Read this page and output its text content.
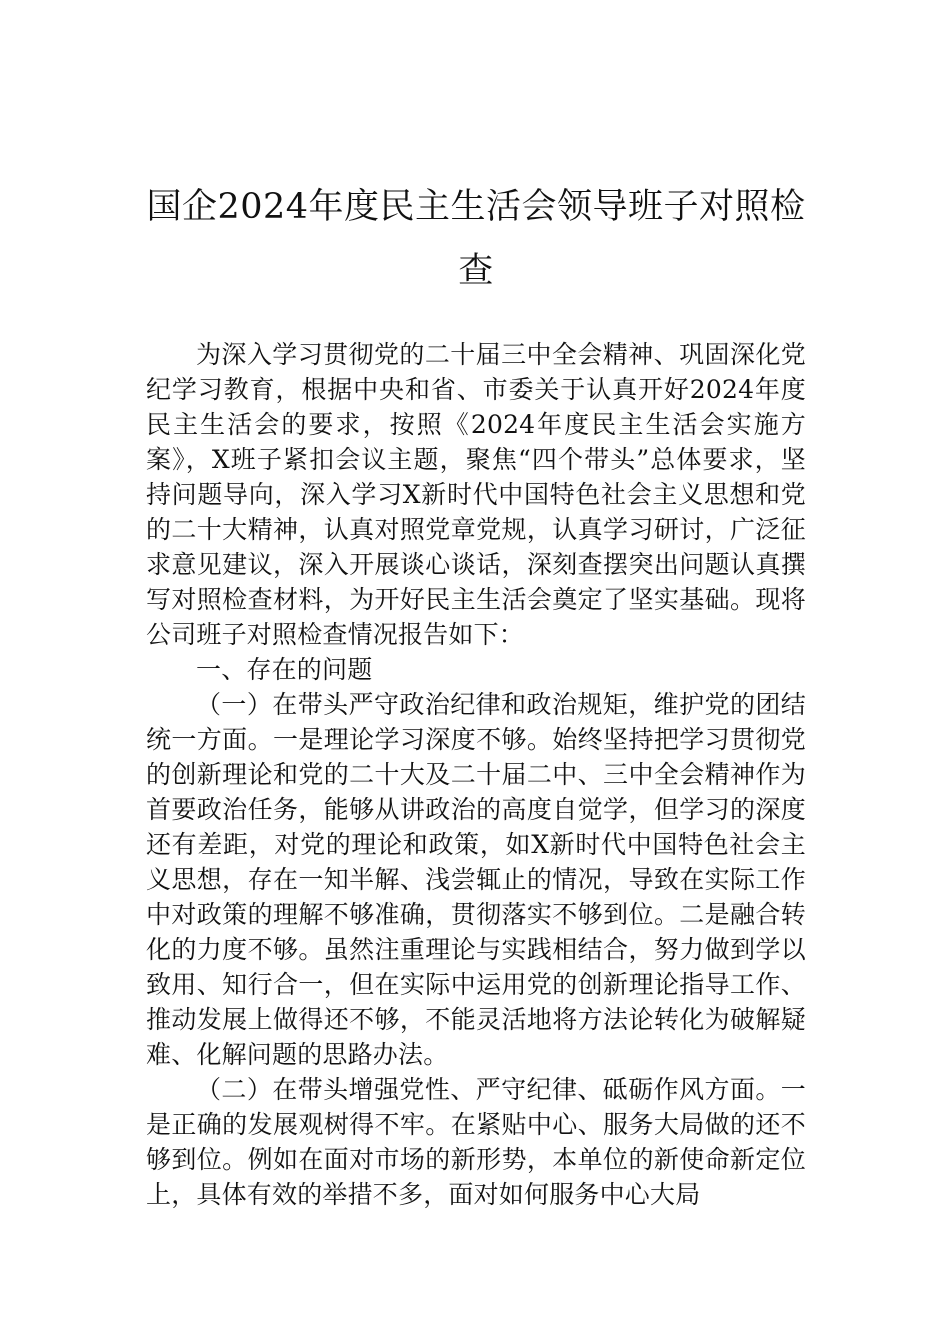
国企2024年度民主生活会领导班子对照检查

为深入学习贯彻党的二十届三中全会精神、巩固深化党纪学习教育，根据中央和省、市委关于认真开好2024年度民主生活会的要求，按照《2024年度民主生活会实施方案》，X班子紧扣会议主题，聚焦“四个带头”总体要求，坚持问题导向，深入学习X新时代中国特色社会主义思想和党的二十大精神，认真对照党章党规，认真学习研讨，广泛征求意见建议，深入开展谈心谈话，深刻查摆突出问题认真撰写对照检查材料，为开好民主生活会奠定了坚实基础。现将公司班子对照检查情况报告如下：

一、存在的问题

（一）在带头严守政治纪律和政治规矩，维护党的团结统一方面。一是理论学习深度不够。始终坚持把学习贯彻党的创新理论和党的二十大及二十届二中、三中全会精神作为首要政治任务，能够从讲政治的高度自觉学，但学习的深度还有差距，对党的理论和政策，如X新时代中国特色社会主义思想，存在一知半解、浅尝辄止的情况，导致在实际工作中对政策的理解不够准确，贯彻落实不够到位。二是融合转化的力度不够。虽然注重理论与实践相结合，努力做到学以致用、知行合一，但在实际中运用党的创新理论指导工作、推动发展上做得还不够，不能灵活地将方法论转化为破解疑难、化解问题的思路办法。

（二）在带头增强党性、严守纪律、砥砺作风方面。一是正确的发展观树得不牢。在紧贴中心、服务大局做的还不够到位。例如在面对市场的新形势，本单位的新使命新定位上，具体有效的举措不多，面对如何服务中心大局
